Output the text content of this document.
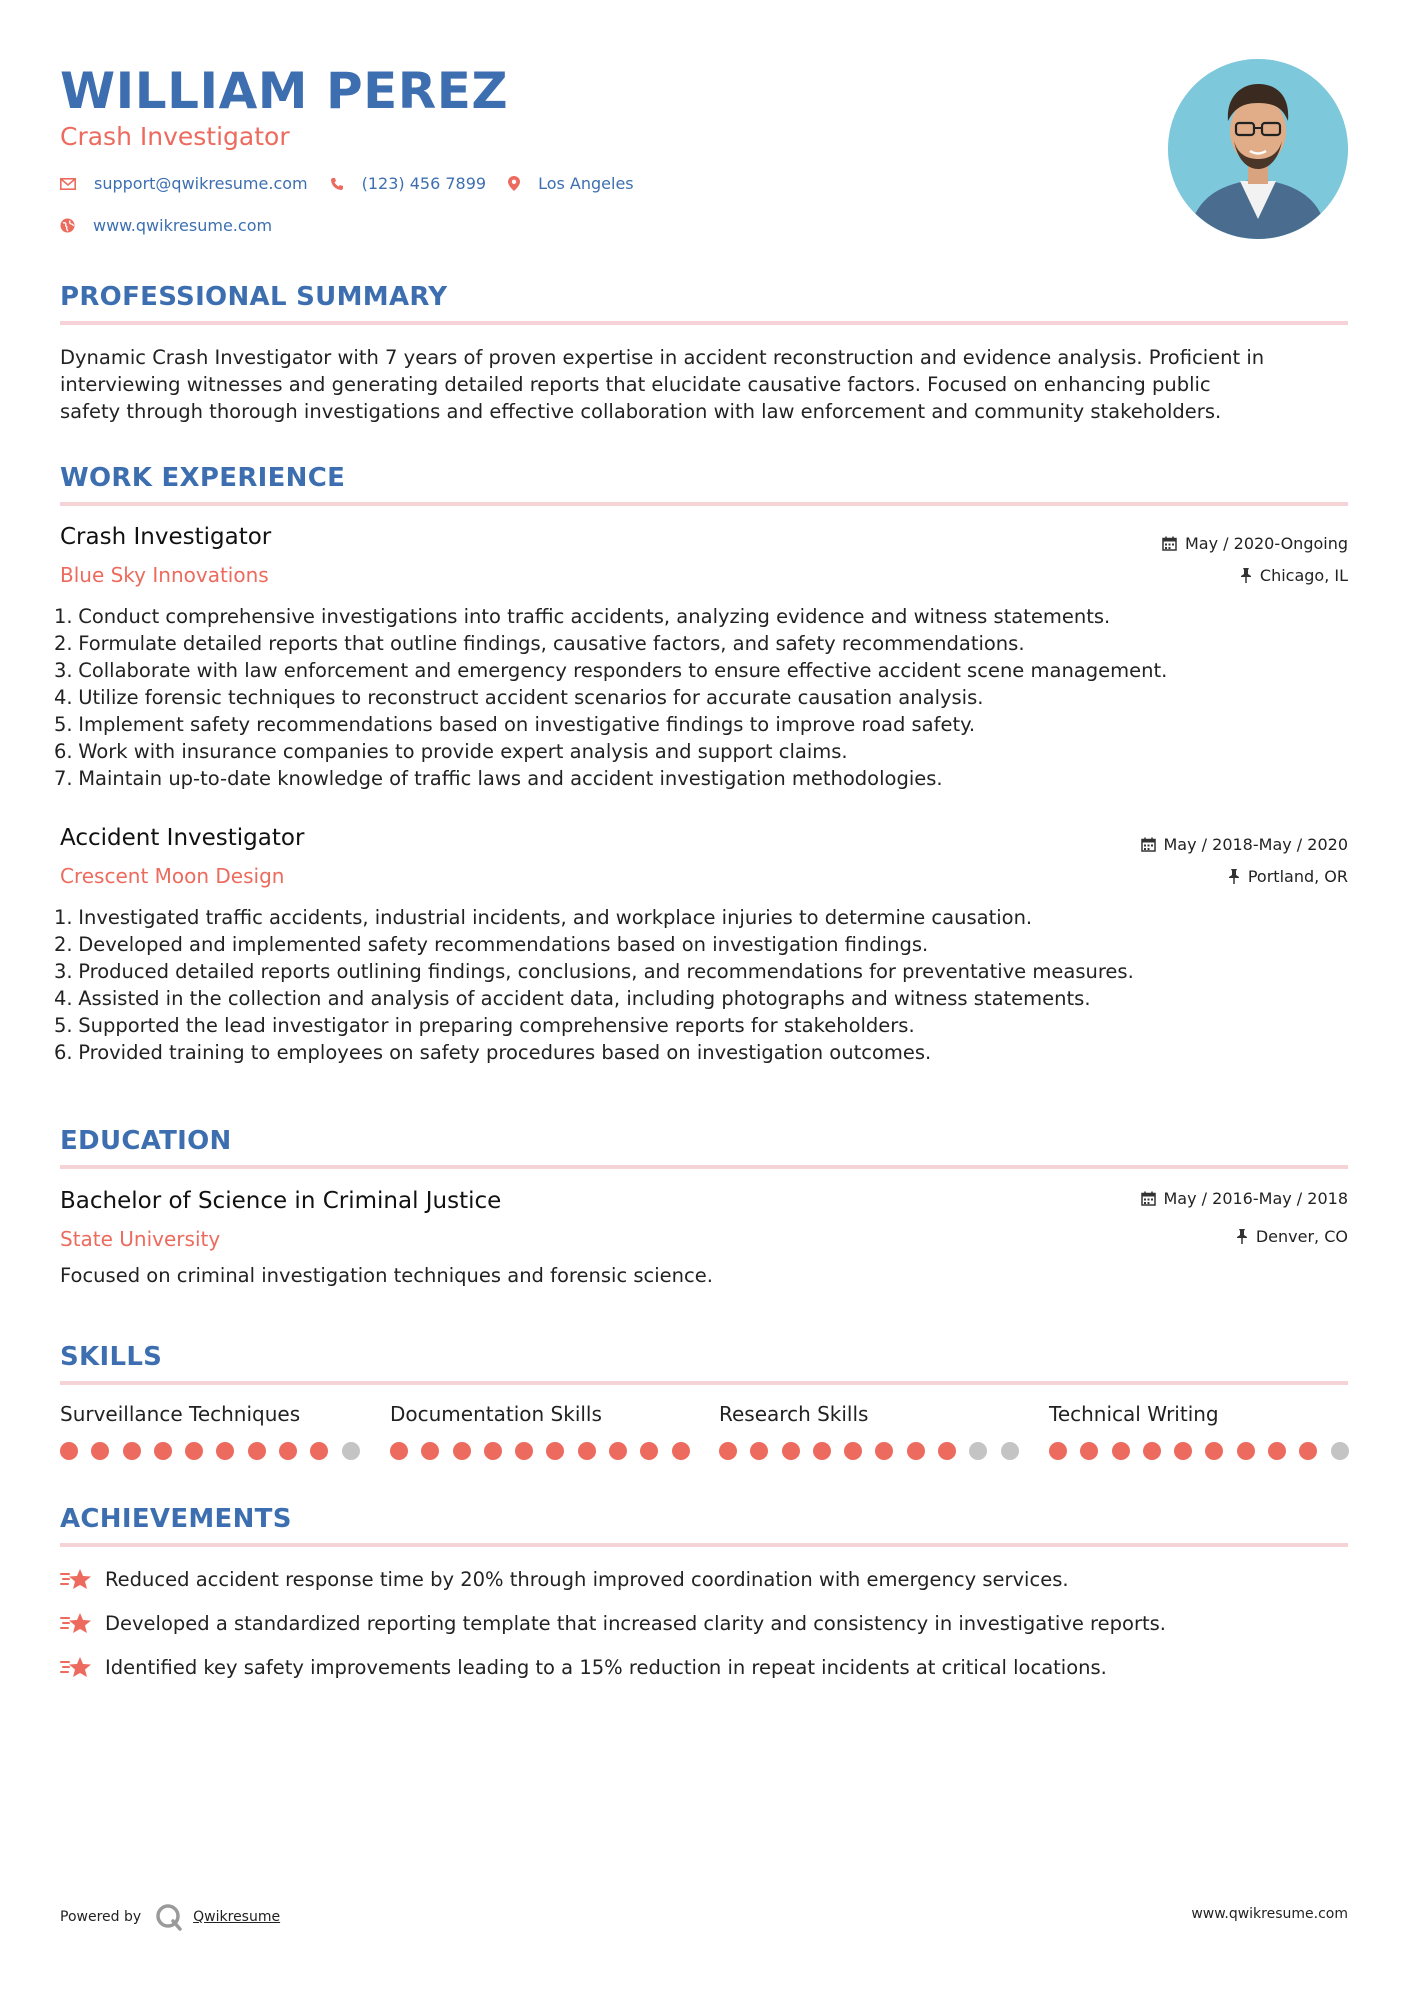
WILLIAM PEREZ
Crash Investigator
support@qwikresume.com	(123) 456 7899	Los Angeles
www.qwikresume.com
PROFESSIONAL SUMMARY
Dynamic Crash Investigator with 7 years of proven expertise in accident reconstruction and evidence analysis. Proficient in
interviewing witnesses and generating detailed reports that elucidate causative factors. Focused on enhancing public
safety through thorough investigations and effective collaboration with law enforcement and community stakeholders.
WORK EXPERIENCE
Crash Investigator
Blue Sky Innovations
May / 2020-Ongoing
Chicago, IL
1. Conduct comprehensive investigations into traffic accidents, analyzing evidence and witness statements.
2. Formulate detailed reports that outline findings, causative factors, and safety recommendations.
3. Collaborate with law enforcement and emergency responders to ensure effective accident scene management.
4. Utilize forensic techniques to reconstruct accident scenarios for accurate causation analysis.
5. Implement safety recommendations based on investigative findings to improve road safety.
6. Work with insurance companies to provide expert analysis and support claims.
7. Maintain up-to-date knowledge of traffic laws and accident investigation methodologies.
Accident Investigator
Crescent Moon Design
May / 2018-May / 2020
Portland, OR
1. Investigated traffic accidents, industrial incidents, and workplace injuries to determine causation.
2. Developed and implemented safety recommendations based on investigation findings.
3. Produced detailed reports outlining findings, conclusions, and recommendations for preventative measures.
4. Assisted in the collection and analysis of accident data, including photographs and witness statements.
5. Supported the lead investigator in preparing comprehensive reports for stakeholders.
6. Provided training to employees on safety procedures based on investigation outcomes.
EDUCATION
Bachelor of Science in Criminal Justice
State University
May / 2016-May / 2018
Denver, CO
Focused on criminal investigation techniques and forensic science.
SKILLS
Surveillance Techniques	Documentation Skills	Research Skills	Technical Writing
ACHIEVEMENTS
Reduced accident response time by 20% through improved coordination with emergency services.
Developed a standardized reporting template that increased clarity and consistency in investigative reports.
Identified key safety improvements leading to a 15% reduction in repeat incidents at critical locations.
Powered by	Qwikresume	www.qwikresume.com
